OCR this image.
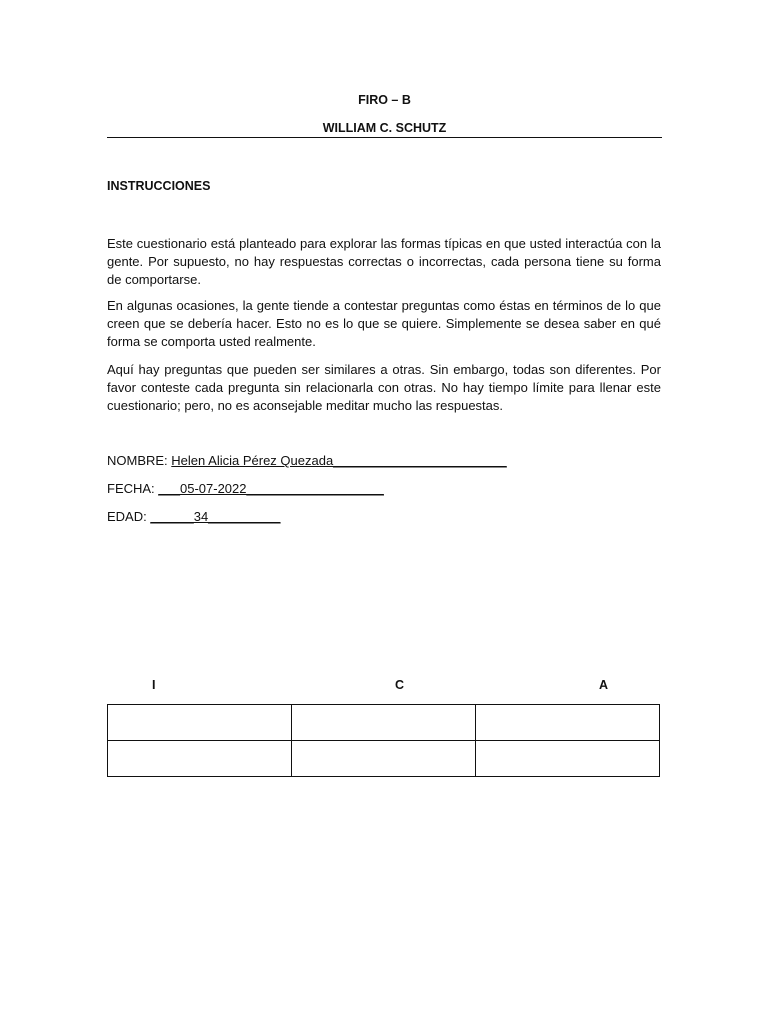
FIRO – B
WILLIAM C. SCHUTZ
INSTRUCCIONES

Este cuestionario está planteado para explorar las formas típicas en que usted interactúa con la gente. Por supuesto, no hay respuestas correctas o incorrectas, cada persona tiene su forma de comportarse.

En algunas ocasiones, la gente tiende a contestar preguntas como éstas en términos de lo que creen que se debería hacer. Esto no es lo que se quiere. Simplemente se desea saber en qué forma se comporta usted realmente.

Aquí hay preguntas que pueden ser similares a otras. Sin embargo, todas son diferentes. Por favor conteste cada pregunta sin relacionarla con otras. No hay tiempo límite para llenar este cuestionario; pero, no es aconsejable meditar mucho las respuestas.

NOMBRE: Helen Alicia Pérez Quezada________________________
FECHA: ___05-07-2022___________________
EDAD: ______34__________
I	C	A
